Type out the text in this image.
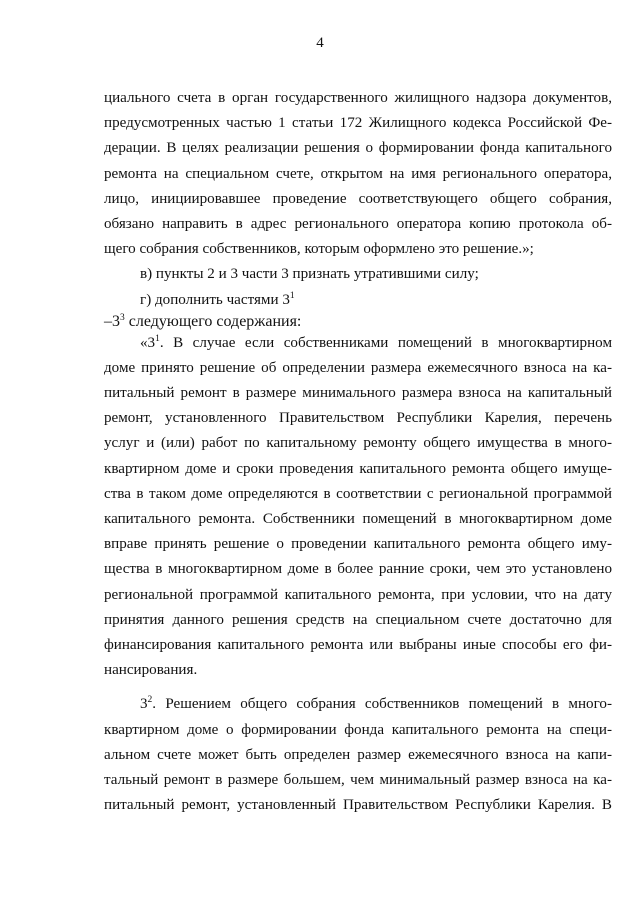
4
циального счета в орган государственного жилищного надзора документов,
предусмотренных частью 1 статьи 172 Жилищного кодекса Российской Фе-
дерации. В целях реализации решения о формировании фонда капитального
ремонта на специальном счете, открытом на имя регионального оператора,
лицо, инициировавшее проведение соответствующего общего собрания,
обязано направить в адрес регионального оператора копию протокола об-
щего собрания собственников, которым оформлено это решение.»;
в) пункты 2 и 3 части 3 признать утратившими силу;
г) дополнить частями $3^1$
$-3^3$ следующего содержания:
«$3^1$. В случае если собственниками помещений в многоквартирном
доме принято решение об определении размера ежемесячного взноса на ка-
питальный ремонт в размере минимального размера взноса на капитальный
ремонт, установленного Правительством Республики Карелия, перечень
услуг и (или) работ по капитальному ремонту общего имущества в много-
квартирном доме и сроки проведения капитального ремонта общего имуще-
ства в таком доме определяются в соответствии с региональной программой
капитального ремонта. Собственники помещений в многоквартирном доме
вправе принять решение о проведении капитального ремонта общего иму-
щества в многоквартирном доме в более ранние сроки, чем это установлено
региональной программой капитального ремонта, при условии, что на дату
принятия данного решения средств на специальном счете достаточно для
финансирования капитального ремонта или выбраны иные способы его фи-
нансирования.
$3^2$. Решением общего собрания собственников помещений в много-
квартирном доме о формировании фонда капитального ремонта на специ-
альном счете может быть определен размер ежемесячного взноса на капи-
тальный ремонт в размере большем, чем минимальный размер взноса на ка-
питальный ремонт, установленный Правительством Республики Карелия. В
